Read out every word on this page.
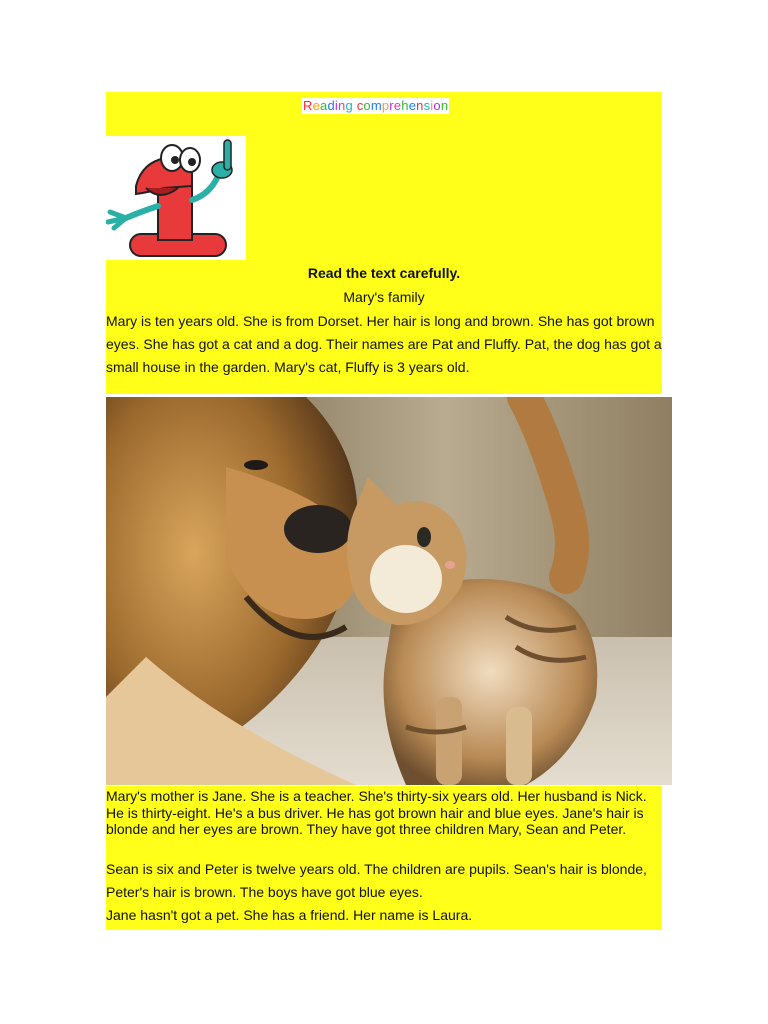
Reading comprehension
Read the text carefully.
Mary's family
Mary is ten years old. She is from Dorset. Her hair is long and brown. She has got brown eyes. She has got a cat and a dog. Their names are Pat and Fluffy. Pat, the dog has got a small house in the garden. Mary's cat, Fluffy is 3 years old.
Mary's mother is Jane. She is a teacher. She's thirty-six years old. Her husband is Nick. He is thirty-eight. He's a bus driver. He has got brown hair and blue eyes. Jane's hair is blonde and her eyes are brown. They have got three children Mary, Sean and Peter.
Sean is six and Peter is twelve years old. The children are pupils. Sean's hair is blonde, Peter's hair is brown. The boys have got blue eyes.
Jane hasn't got a pet. She has a friend. Her name is Laura.
